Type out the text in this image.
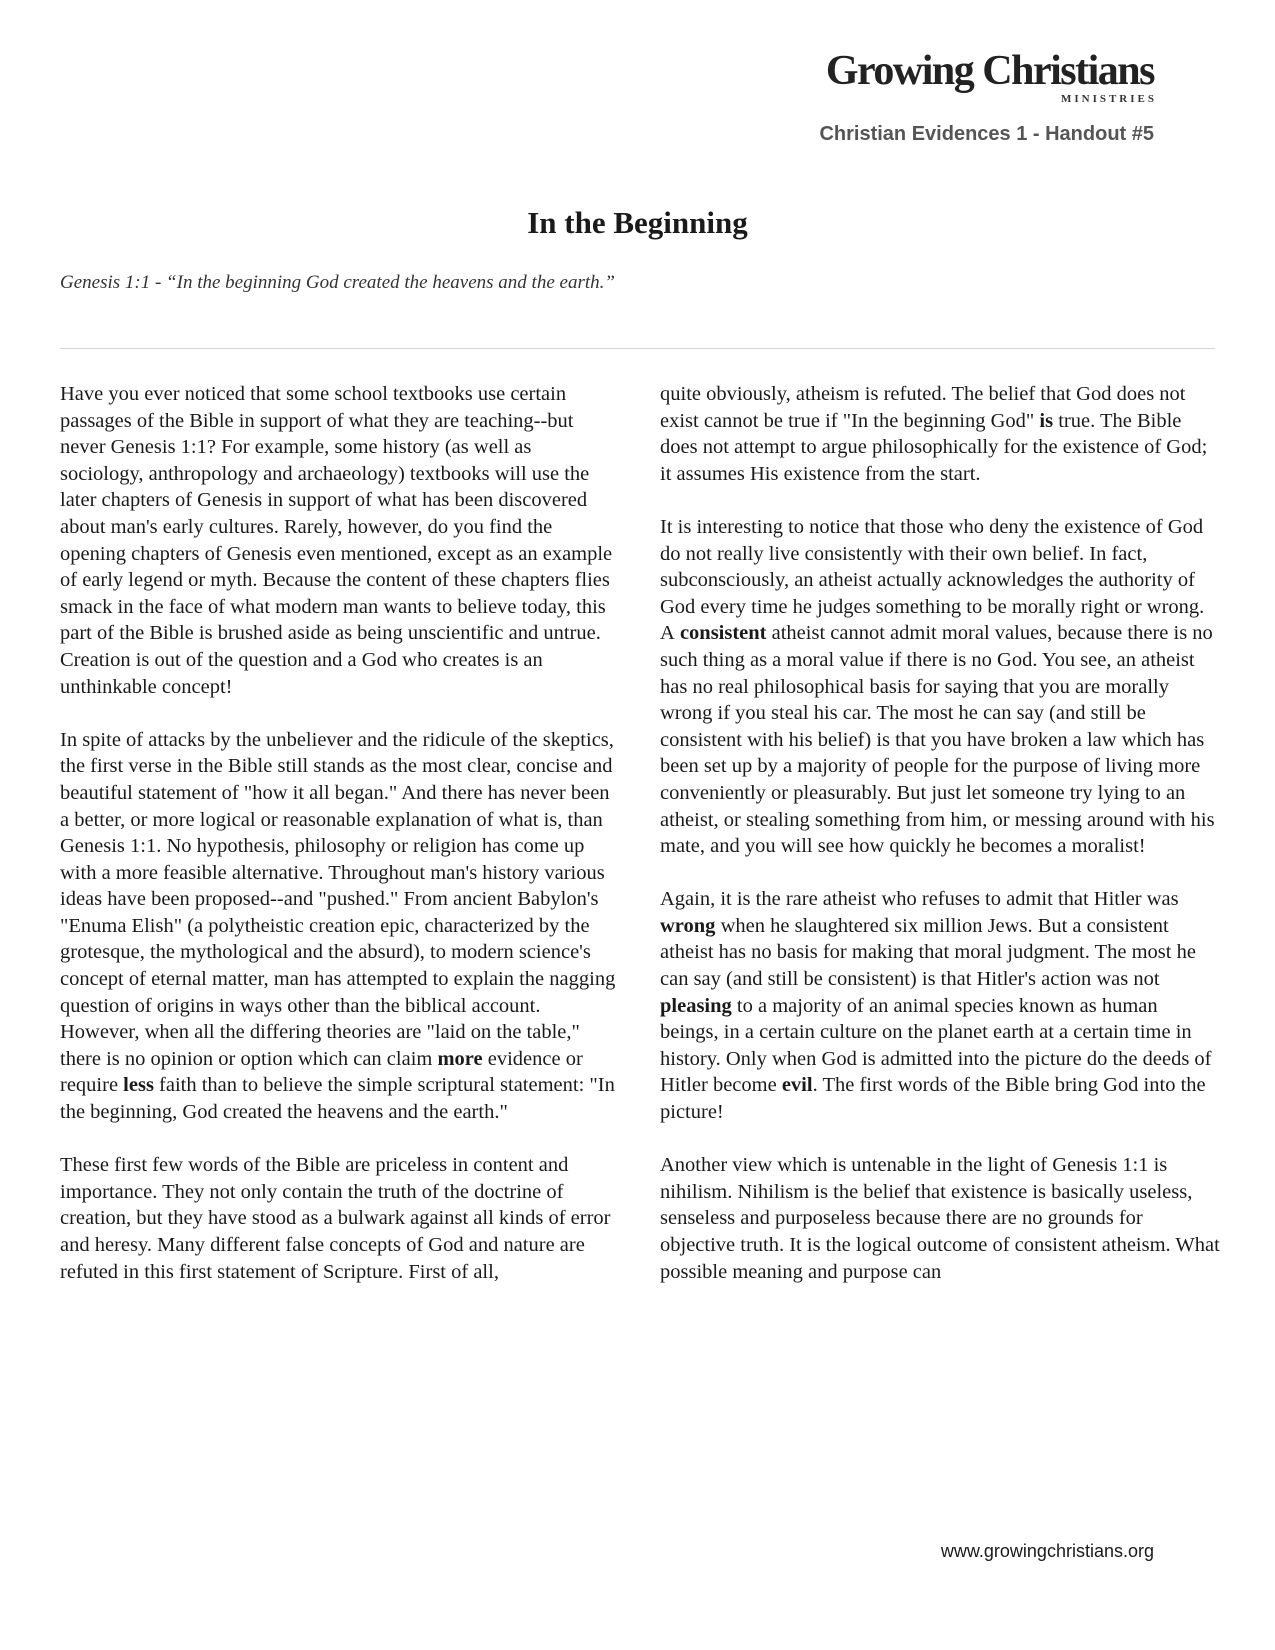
Growing Christians
MINISTRIES
Christian Evidences 1 - Handout #5
In the Beginning
Genesis 1:1 - “In the beginning God created the heavens and the earth.”

Have you ever noticed that some school textbooks use certain passages of the Bible in support of what they are teaching--but never Genesis 1:1? For example, some history (as well as sociology, anthropology and archaeology) textbooks will use the later chapters of Genesis in support of what has been discovered about man's early cultures. Rarely, however, do you find the opening chapters of Genesis even mentioned, except as an example of early legend or myth. Because the content of these chapters flies smack in the face of what modern man wants to believe today, this part of the Bible is brushed aside as being unscientific and untrue. Creation is out of the question and a God who creates is an unthinkable concept!

In spite of attacks by the unbeliever and the ridicule of the skeptics, the first verse in the Bible still stands as the most clear, concise and beautiful statement of "how it all began." And there has never been a better, or more logical or reasonable explanation of what is, than Genesis 1:1. No hypothesis, philosophy or religion has come up with a more feasible alternative. Throughout man's history various ideas have been proposed--and "pushed." From ancient Babylon's "Enuma Elish" (a polytheistic creation epic, characterized by the grotesque, the mythological and the absurd), to modern science's concept of eternal matter, man has attempted to explain the nagging question of origins in ways other than the biblical account. However, when all the differing theories are "laid on the table," there is no opinion or option which can claim more evidence or require less faith than to believe the simple scriptural statement: "In the beginning, God created the heavens and the earth."

These first few words of the Bible are priceless in content and importance. They not only contain the truth of the doctrine of creation, but they have stood as a bulwark against all kinds of error and heresy. Many different false concepts of God and nature are refuted in this first statement of Scripture. First of all,

quite obviously, atheism is refuted. The belief that God does not exist cannot be true if "In the beginning God" is true. The Bible does not attempt to argue philosophically for the existence of God; it assumes His existence from the start.

It is interesting to notice that those who deny the existence of God do not really live consistently with their own belief. In fact, subconsciously, an atheist actually acknowledges the authority of God every time he judges something to be morally right or wrong. A consistent atheist cannot admit moral values, because there is no such thing as a moral value if there is no God. You see, an atheist has no real philosophical basis for saying that you are morally wrong if you steal his car. The most he can say (and still be consistent with his belief) is that you have broken a law which has been set up by a majority of people for the purpose of living more conveniently or pleasurably. But just let someone try lying to an atheist, or stealing something from him, or messing around with his mate, and you will see how quickly he becomes a moralist!

Again, it is the rare atheist who refuses to admit that Hitler was wrong when he slaughtered six million Jews. But a consistent atheist has no basis for making that moral judgment. The most he can say (and still be consistent) is that Hitler's action was not pleasing to a majority of an animal species known as human beings, in a certain culture on the planet earth at a certain time in history. Only when God is admitted into the picture do the deeds of Hitler become evil. The first words of the Bible bring God into the picture!

Another view which is untenable in the light of Genesis 1:1 is nihilism. Nihilism is the belief that existence is basically useless, senseless and purposeless because there are no grounds for objective truth. It is the logical outcome of consistent atheism. What possible meaning and purpose can

www.growingchristians.org
